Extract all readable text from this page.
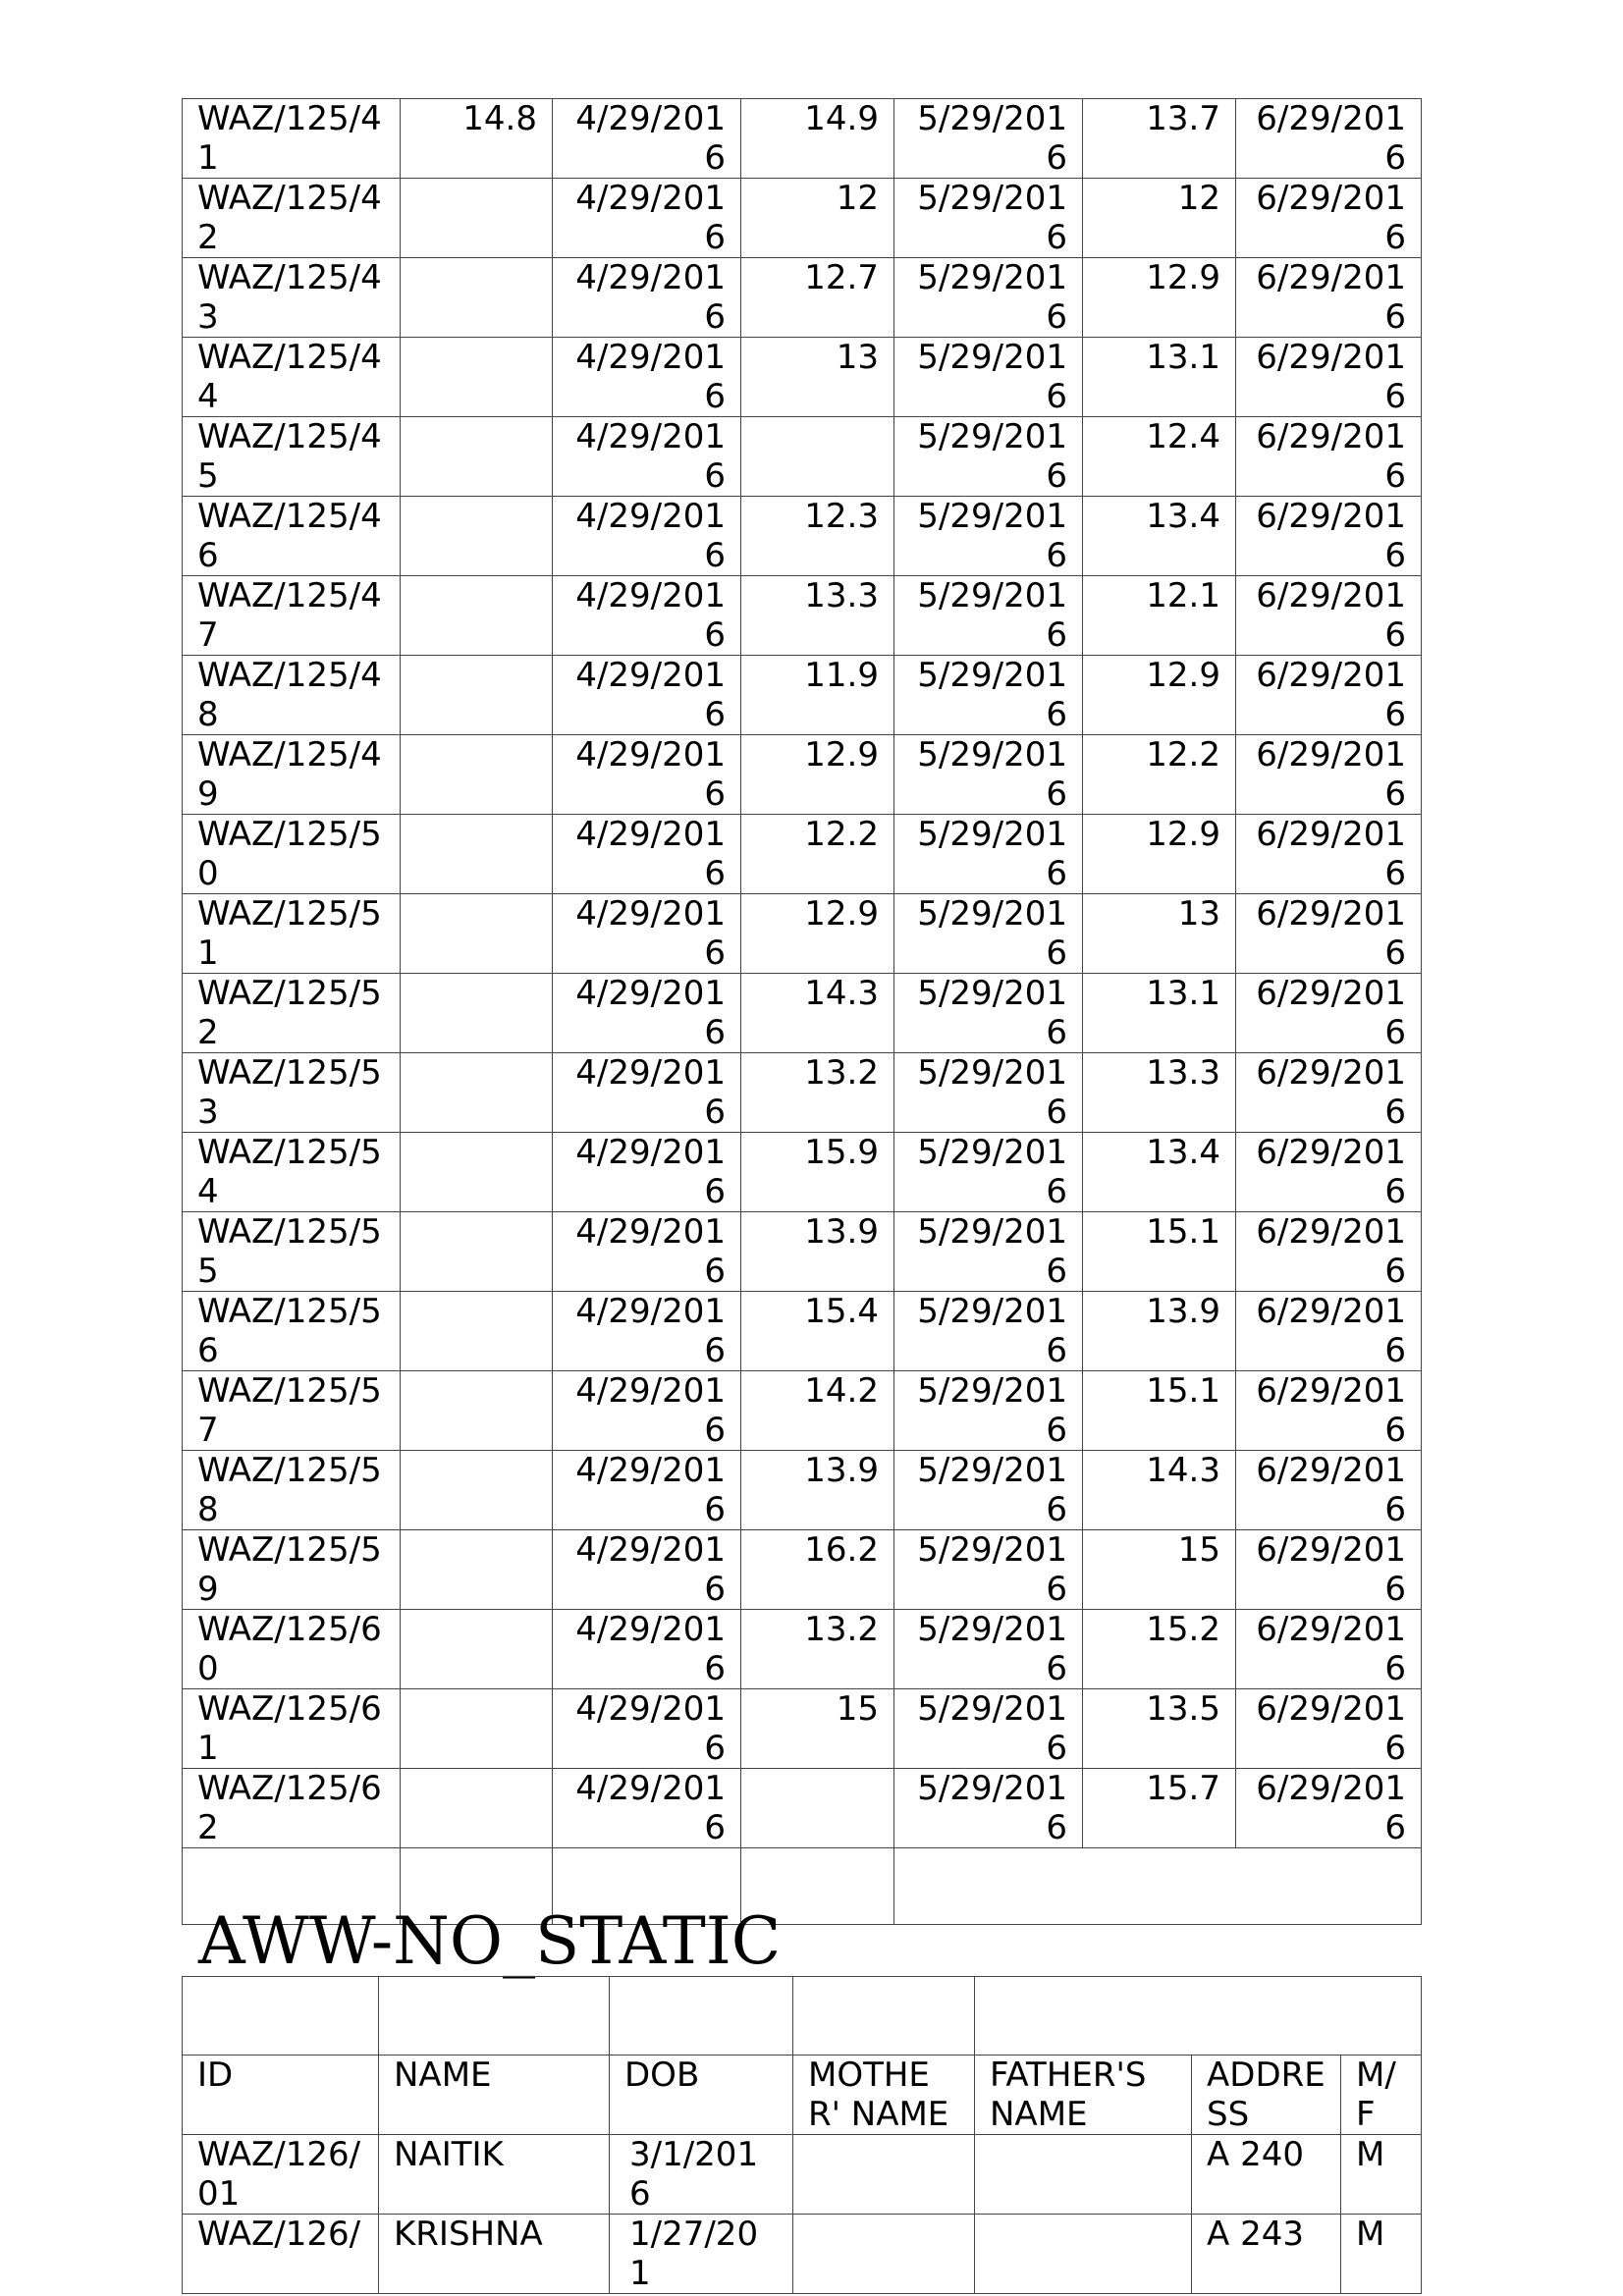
WAZ/125/41	14.8	4/29/2016	14.9	5/29/2016	13.7	6/29/2016
WAZ/125/42		4/29/2016	12	5/29/2016	12	6/29/2016
WAZ/125/43		4/29/2016	12.7	5/29/2016	12.9	6/29/2016
WAZ/125/44		4/29/2016	13	5/29/2016	13.1	6/29/2016
WAZ/125/45		4/29/2016		5/29/2016	12.4	6/29/2016
WAZ/125/46		4/29/2016	12.3	5/29/2016	13.4	6/29/2016
WAZ/125/47		4/29/2016	13.3	5/29/2016	12.1	6/29/2016
WAZ/125/48		4/29/2016	11.9	5/29/2016	12.9	6/29/2016
WAZ/125/49		4/29/2016	12.9	5/29/2016	12.2	6/29/2016
WAZ/125/50		4/29/2016	12.2	5/29/2016	12.9	6/29/2016
WAZ/125/51		4/29/2016	12.9	5/29/2016	13	6/29/2016
WAZ/125/52		4/29/2016	14.3	5/29/2016	13.1	6/29/2016
WAZ/125/53		4/29/2016	13.2	5/29/2016	13.3	6/29/2016
WAZ/125/54		4/29/2016	15.9	5/29/2016	13.4	6/29/2016
WAZ/125/55		4/29/2016	13.9	5/29/2016	15.1	6/29/2016
WAZ/125/56		4/29/2016	15.4	5/29/2016	13.9	6/29/2016
WAZ/125/57		4/29/2016	14.2	5/29/2016	15.1	6/29/2016
WAZ/125/58		4/29/2016	13.9	5/29/2016	14.3	6/29/2016
WAZ/125/59		4/29/2016	16.2	5/29/2016	15	6/29/2016
WAZ/125/60		4/29/2016	13.2	5/29/2016	15.2	6/29/2016
WAZ/125/61		4/29/2016	15	5/29/2016	13.5	6/29/2016
WAZ/125/62		4/29/2016		5/29/2016	15.7	6/29/2016

AWW-NO_STATIC

ID	NAME	DOB	MOTHER' NAME	FATHER'S NAME	ADDRESS	M/F
WAZ/126/01	NAITIK	3/1/2016			A 240	M
WAZ/126/	KRISHNA	1/27/201			A 243	M
